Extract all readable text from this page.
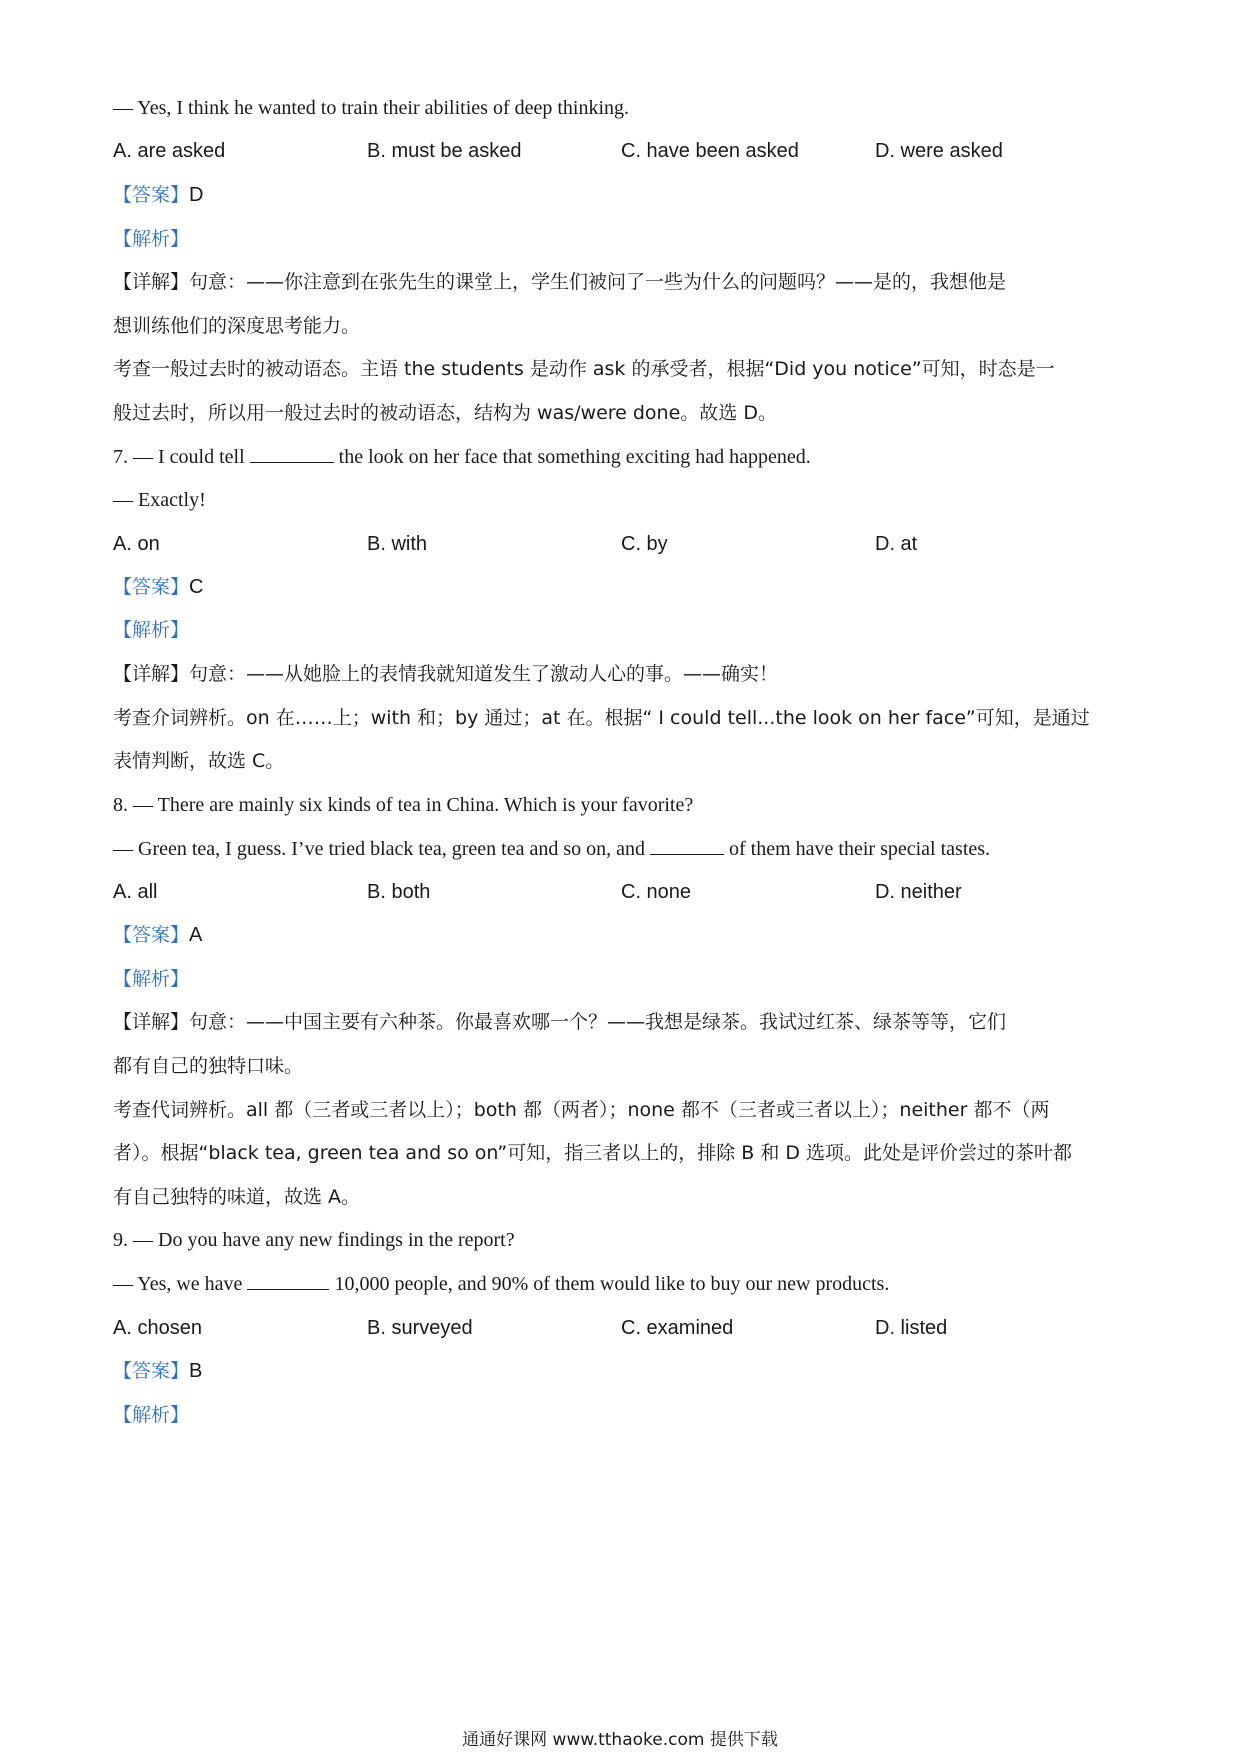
— Yes, I think he wanted to train their abilities of deep thinking.
A. are asked	B. must be asked	C. have been asked	D. were asked
【答案】D
【解析】
【详解】句意：——你注意到在张先生的课堂上，学生们被问了一些为什么的问题吗？——是的，我想他是
想训练他们的深度思考能力。
考查一般过去时的被动语态。主语 the students 是动作 ask 的承受者，根据“Did you notice”可知，时态是一
般过去时，所以用一般过去时的被动语态，结构为 was/were done。故选 D。
7. — I could tell	the look on her face that something exciting had happened.
— Exactly!
A. on	B. with	C. by	D. at
【答案】C
【解析】
【详解】句意：——从她脸上的表情我就知道发生了激动人心的事。——确实！
考查介词辨析。on 在……上；with 和；by 通过；at 在。根据“ I could tell...the look on her face”可知，是通过
表情判断，故选 C。
8. — There are mainly six kinds of tea in China. Which is your favorite?
— Green tea, I guess. I’ve tried black tea, green tea and so on, and	of them have their special tastes.
A. all	B. both	C. none	D. neither
【答案】A
【解析】
【详解】句意：——中国主要有六种茶。你最喜欢哪一个？——我想是绿茶。我试过红茶、绿茶等等，它们
都有自己的独特口味。
考查代词辨析。all 都（三者或三者以上）；both 都（两者）；none 都不（三者或三者以上）；neither 都不（两
者）。根据“black tea, green tea and so on”可知，指三者以上的，排除 B 和 D 选项。此处是评价尝过的茶叶都
有自己独特的味道，故选 A。
9. — Do you have any new findings in the report?
— Yes, we have	10,000 people, and 90% of them would like to buy our new products.
A. chosen	B. surveyed	C. examined	D. listed
【答案】B
【解析】
通通好课网 www.tthaoke.com 提供下载
